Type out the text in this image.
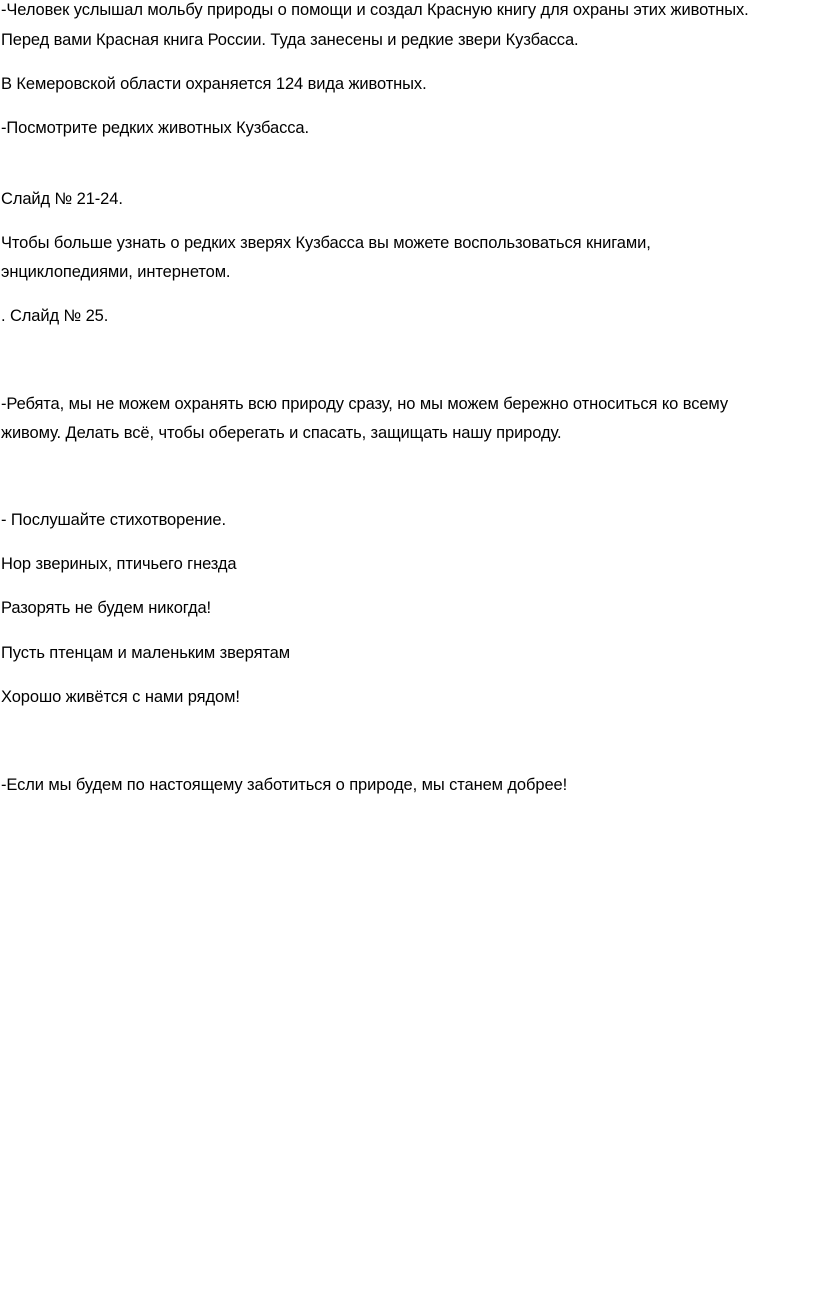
-Человек услышал мольбу природы о помощи и создал Красную книгу для охраны этих животных.

Перед вами Красная книга России. Туда занесены и редкие звери Кузбасса.

В Кемеровской области охраняется 124 вида животных.

-Посмотрите редких животных Кузбасса.

Слайд № 21-24.

Чтобы больше узнать о редких зверях Кузбасса вы можете воспользоваться книгами,

энциклопедиями, интернетом.

. Слайд № 25.

-Ребята, мы не можем охранять всю природу сразу, но мы можем бережно относиться ко всему

живому. Делать всё, чтобы оберегать и спасать, защищать нашу природу.

- Послушайте стихотворение.

Нор звериных, птичьего гнезда

Разорять не будем никогда!

Пусть птенцам и маленьким зверятам

Хорошо живётся с нами рядом!

-Если мы будем по настоящему заботиться о природе, мы станем добрее!
